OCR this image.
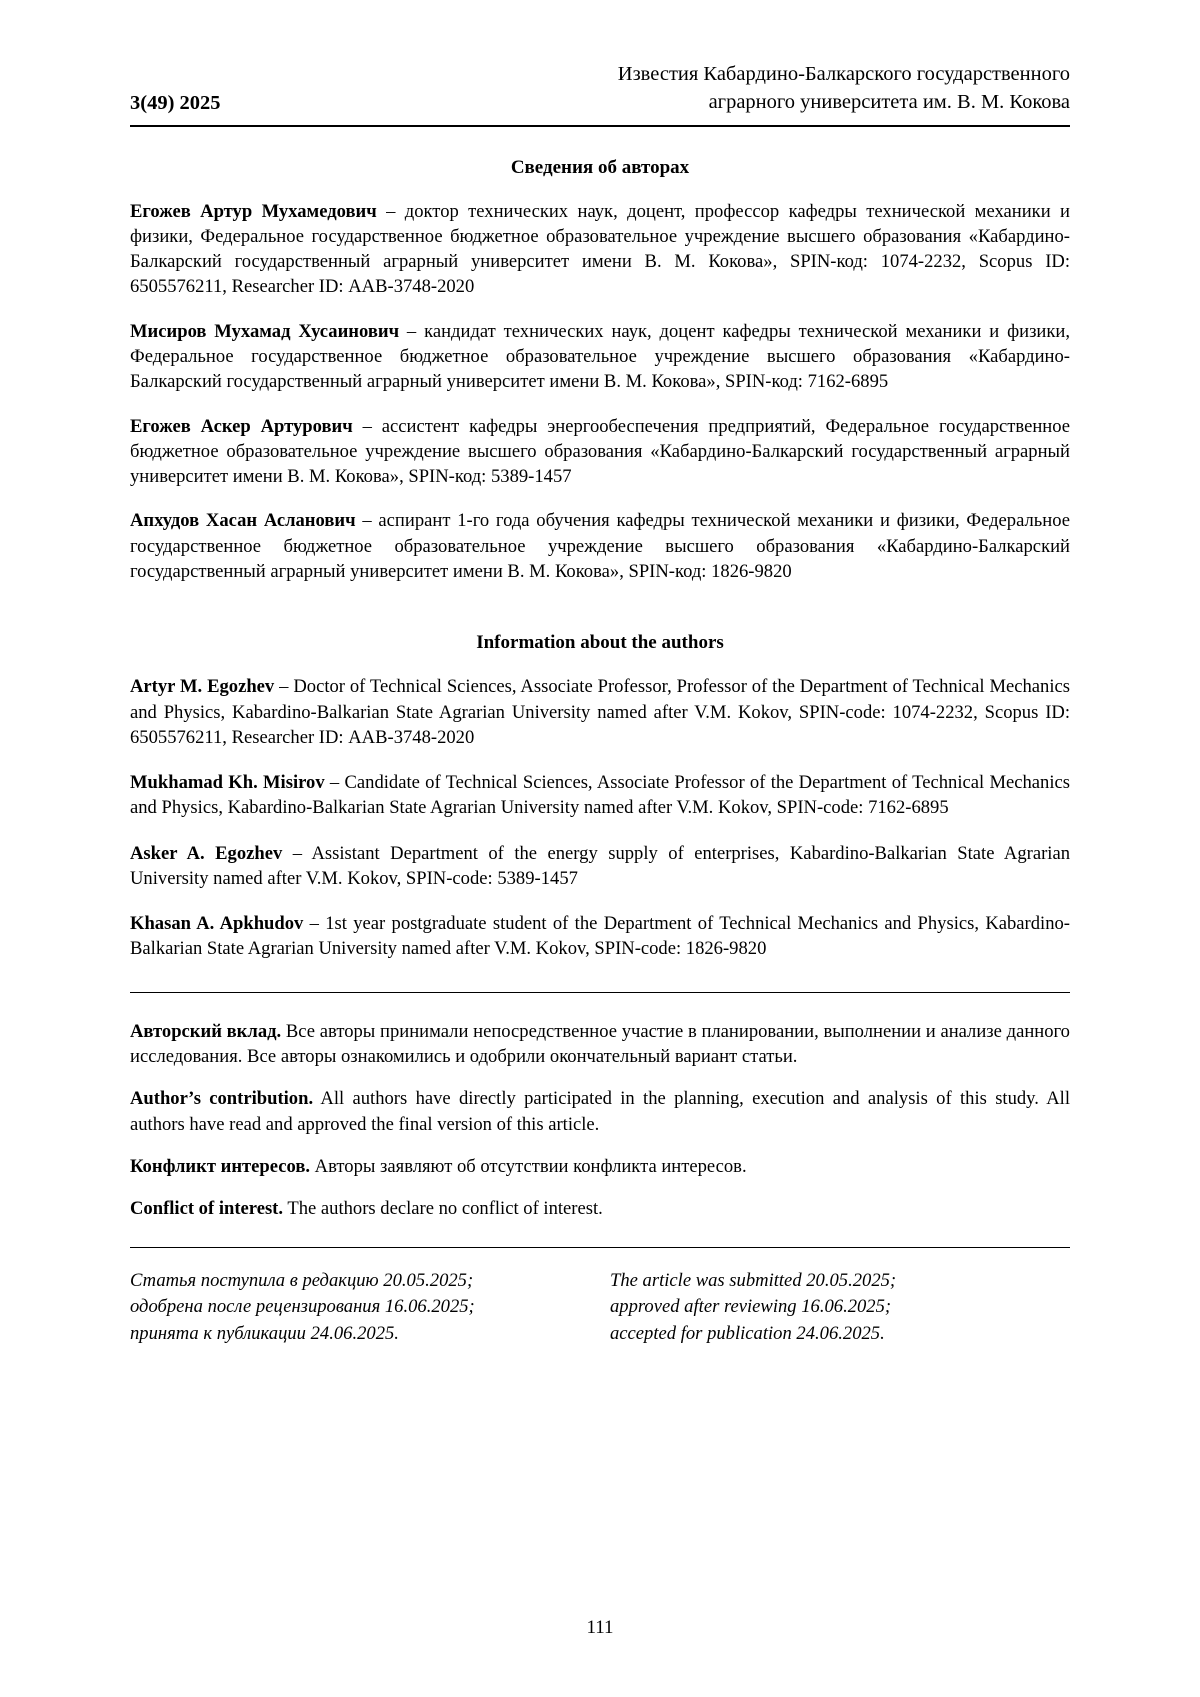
3(49) 2025
Известия Кабардино-Балкарского государственного
аграрного университета им. В. М. Кокова
Сведения об авторах
Егожев Артур Мухамедович – доктор технических наук, доцент, профессор кафедры технической механики и физики, Федеральное государственное бюджетное образовательное учреждение высшего образования «Кабардино-Балкарский государственный аграрный университет имени В. М. Кокова», SPIN-код: 1074-2232, Scopus ID: 6505576211, Researcher ID: ААВ-3748-2020
Мисиров Мухамад Хусаинович – кандидат технических наук, доцент кафедры технической механики и физики, Федеральное государственное бюджетное образовательное учреждение высшего образования «Кабардино-Балкарский государственный аграрный университет имени В. М. Кокова», SPIN-код: 7162-6895
Егожев Аскер Артурович – ассистент кафедры энергообеспечения предприятий, Федеральное государственное бюджетное образовательное учреждение высшего образования «Кабардино-Балкарский государственный аграрный университет имени В. М. Кокова», SPIN-код: 5389-1457
Апхудов Хасан Асланович – аспирант 1-го года обучения кафедры технической механики и физики, Федеральное государственное бюджетное образовательное учреждение высшего образования «Кабардино-Балкарский государственный аграрный университет имени В. М. Кокова», SPIN-код: 1826-9820
Information about the authors
Artyr M. Egozhev – Doctor of Technical Sciences, Associate Professor, Professor of the Department of Technical Mechanics and Physics, Kabardino-Balkarian State Agrarian University named after V.M. Kokov, SPIN-code: 1074-2232, Scopus ID: 6505576211, Researcher ID: ААВ-3748-2020
Mukhamad Kh. Misirov – Candidate of Technical Sciences, Associate Professor of the Department of Technical Mechanics and Physics, Kabardino-Balkarian State Agrarian University named after V.M. Kokov, SPIN-code: 7162-6895
Asker A. Egozhev – Assistant Department of the energy supply of enterprises, Kabardino-Balkarian State Agrarian University named after V.M. Kokov, SPIN-code: 5389-1457
Khasan A. Apkhudov – 1st year postgraduate student of the Department of Technical Mechanics and Physics, Kabardino-Balkarian State Agrarian University named after V.M. Kokov, SPIN-code: 1826-9820
Авторский вклад. Все авторы принимали непосредственное участие в планировании, выполнении и анализе данного исследования. Все авторы ознакомились и одобрили окончательный вариант статьи.
Author’s contribution. All authors have directly participated in the planning, execution and analysis of this study. All authors have read and approved the final version of this article.
Конфликт интересов. Авторы заявляют об отсутствии конфликта интересов.
Conflict of interest. The authors declare no conflict of interest.
Статья поступила в редакцию 20.05.2025;
одобрена после рецензирования 16.06.2025;
принята к публикации 24.06.2025.
The article was submitted 20.05.2025;
approved after reviewing 16.06.2025;
accepted for publication 24.06.2025.
111
